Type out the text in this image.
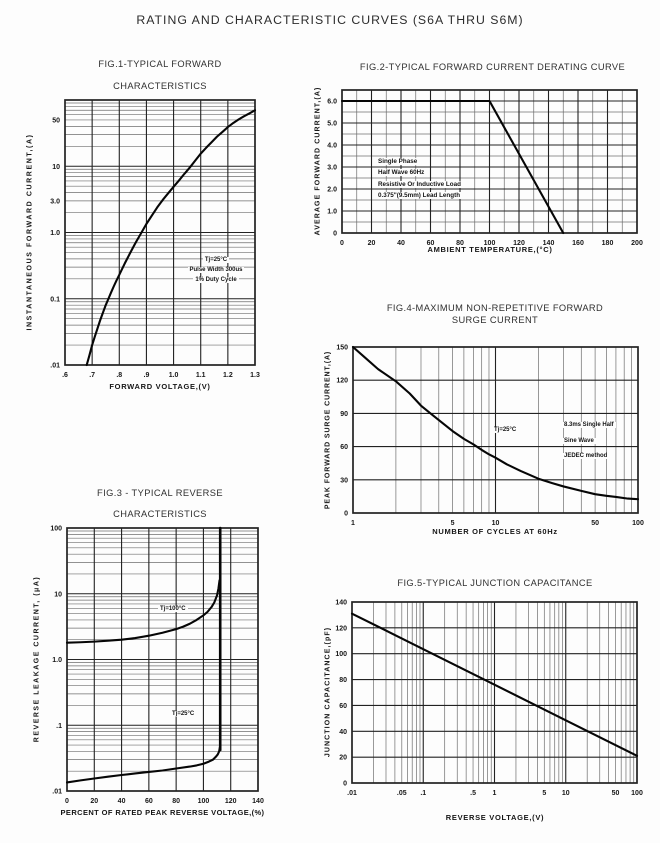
RATING AND CHARACTERISTIC CURVES (S6A THRU S6M)
FIG.1-TYPICAL FORWARD
CHARACTERISTICS
INSTANTANEOUS FORWARD CURRENT,(A)
50
10
3.0
1.0
0.1
.01
.6	.7	.8	.9	1.0 1.1 1.2 1.3
FORWARD VOLTAGE,(V)
Tj=25°C
Pulse Width 300us
1% Duty Cycle
FIG.2-TYPICAL FORWARD CURRENT DERATING CURVE
AVERAGE FORWARD CURRENT,(A) 0
1.0
2.0
3.0
4.0
5.0
6.0
0	20	40	60	80	100	120	140	160	180	200
AMBIENT TEMPERATURE,(°C)
Single Phase
Half Wave 60Hz
Resistive Or Inductive Load
0.375"(9.5mm) Lead Length
FIG.3 - TYPICAL REVERSE
CHARACTERISTICS
REVERSE LEAKAGE CURRENT, (μA)
100
10
1.0
.1
.01
0	20	40	60	80	100 120 140
PERCENT OF RATED PEAK REVERSE VOLTAGE,(%)
Tj=100°C
Tj=25°C
FIG.4-MAXIMUM NON-REPETITIVE FORWARD
SURGE CURRENT
PEAK FORWARD SURGE CURRENT,(A)
0
30
60
90
120
150
1	5	10	50	100
NUMBER OF CYCLES AT 60Hz
Tj=25°C
8.3ms Single Half
Sine Wave
JEDEC method
FIG.5-TYPICAL JUNCTION CAPACITANCE
JUNCTION CAPACITANCE,(pF)
0
20
40
60
80
100
120
140
.01	.05 .1	.5 1	5 10	50 100
REVERSE VOLTAGE,(V)
